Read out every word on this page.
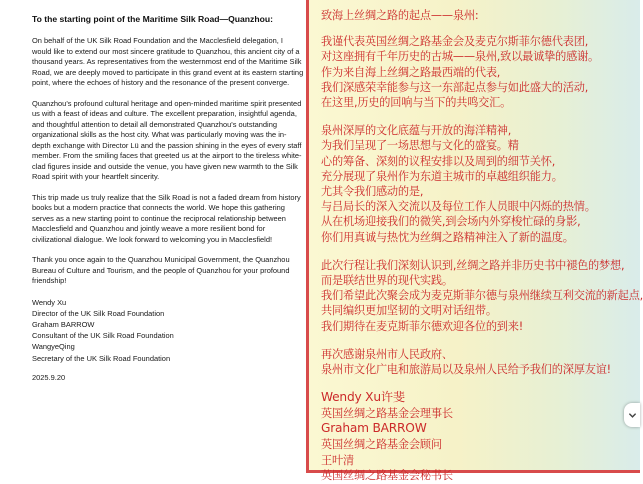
To the starting point of the Maritime Silk Road—Quanzhou:

On behalf of the UK Silk Road Foundation and the Macclesfield delegation, I would like to extend our most sincere gratitude to Quanzhou, this ancient city of a thousand years. As representatives from the westernmost end of the Maritime Silk Road, we are deeply moved to participate in this grand event at its eastern starting point, where the echoes of history and the resonance of the present converge.

Quanzhou's profound cultural heritage and open-minded maritime spirit presented us with a feast of ideas and culture. The excellent preparation, insightful agenda, and thoughtful attention to detail all demonstrated Quanzhou's outstanding organizational skills as the host city. What was particularly moving was the in-depth exchange with Director Lü and the passion shining in the eyes of every staff member. From the smiling faces that greeted us at the airport to the tireless white-clad figures inside and outside the venue, you have given new warmth to the Silk Road spirit with your heartfelt sincerity.

This trip made us truly realize that the Silk Road is not a faded dream from history books but a modern practice that connects the world. We hope this gathering serves as a new starting point to continue the reciprocal relationship between Macclesfield and Quanzhou and jointly weave a more resilient bond for civilizational dialogue. We look forward to welcoming you in Macclesfield!

Thank you once again to the Quanzhou Municipal Government, the Quanzhou Bureau of Culture and Tourism, and the people of Quanzhou for your profound friendship!

Wendy Xu
Director of the UK Silk Road Foundation
Graham BARROW
Consultant of the UK Silk Road Foundation
WangyeQing
Secretary of the UK Silk Road Foundation
2025.9.20
致海上丝绸之路的起点——泉州:
我谨代表英国丝绸之路基金会及麦克尔斯菲尔德代表团,
对这座拥有千年历史的古城——泉州,致以最诚挚的感谢。
作为来自海上丝绸之路最西端的代表,
我们深感荣幸能参与这一东部起点参与如此盛大的活动,
在这里,历史的回响与当下的共鸣交汇。
泉州深厚的文化底蕴与开放的海洋精神,
为我们呈现了一场思想与文化的盛宴。精
心的筹备、深刻的议程安排以及周到的细节关怀,
充分展现了泉州作为东道主城市的卓越组织能力。
尤其令我们感动的是,
与吕局长的深入交流以及每位工作人员眼中闪烁的热情。
从在机场迎接我们的微笑,到会场内外穿梭忙碌的身影,
你们用真诚与热忱为丝绸之路精神注入了新的温度。
此次行程让我们深刻认识到,丝绸之路并非历史书中褪色的梦想,
而是联结世界的现代实践。
我们希望此次聚会成为麦克斯菲尔德与泉州继续互利交流的新起点,
共同编织更加坚韧的文明对话纽带。
我们期待在麦克斯菲尔德欢迎各位的到来!
再次感谢泉州市人民政府、
泉州市文化广电和旅游局以及泉州人民给予我们的深厚友谊!
Wendy Xu许斐
英国丝绸之路基金会理事长
Graham BARROW
英国丝绸之路基金会顾问
王叶清
英国丝绸之路基金会秘书长
